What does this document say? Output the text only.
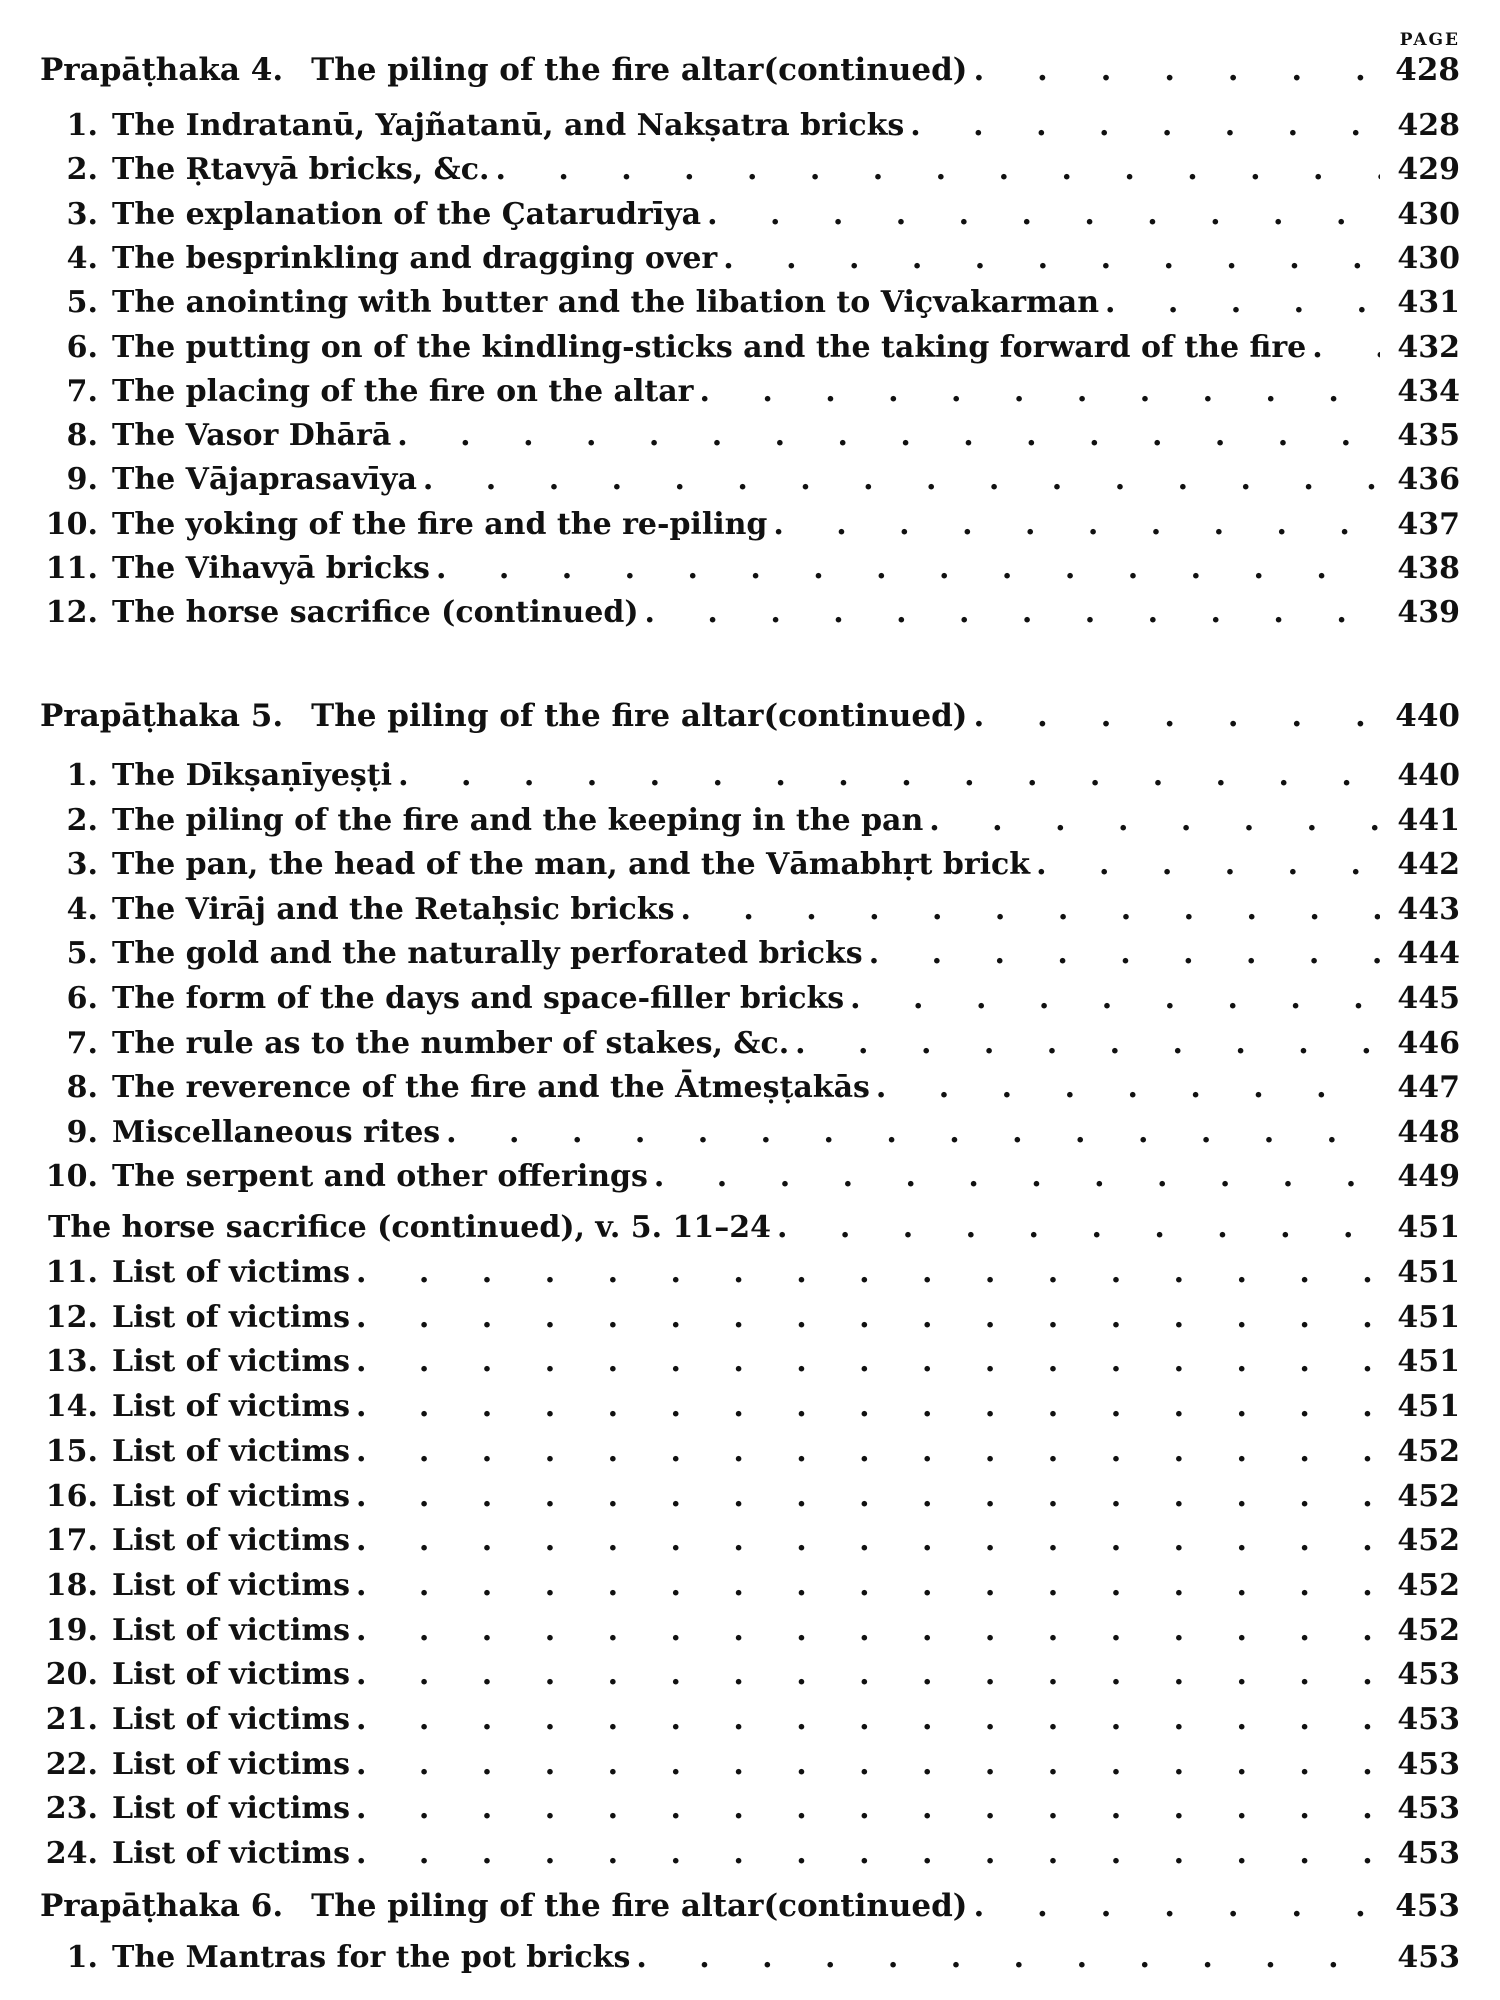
PAGE
Prapāṭhaka 4. The piling of the fire altar (continued) . . .	428
1. The Indratanū, Yajñatanū, and Nakṣatra bricks . . .	428
2. The Ṛtavyā bricks, &c. . . .	429
3. The explanation of the Çatarudrīya . . .	430
4. The besprinkling and dragging over . . .	430
5. The anointing with butter and the libation to Viçvakarman . . .	431
6. The putting on of the kindling-sticks and the taking forward of the fire . . .	432
7. The placing of the fire on the altar . . .	434
8. The Vasor Dhārā . . .	435
9. The Vājaprasavīya . . .	436
10. The yoking of the fire and the re-piling . . .	437
11. The Vihavyā bricks . . .	438
12. The horse sacrifice (continued) . . .	439
Prapāṭhaka 5. The piling of the fire altar (continued) . . .	440
1. The Dīkṣaṇīyeṣṭi . . .	440
2. The piling of the fire and the keeping in the pan . . .	441
3. The pan, the head of the man, and the Vāmabhṛt brick . . .	442
4. The Virāj and the Retaḥsic bricks . . .	443
5. The gold and the naturally perforated bricks . . .	444
6. The form of the days and space-filler bricks . . .	445
7. The rule as to the number of stakes, &c. . . .	446
8. The reverence of the fire and the Ātmeṣṭakās . . .	447
9. Miscellaneous rites . . .	448
10. The serpent and other offerings . . .	449
The horse sacrifice (continued), v. 5. 11–24 . . .	451
11. List of victims . . .	451
12. List of victims . . .	451
13. List of victims . . .	451
14. List of victims . . .	451
15. List of victims . . .	452
16. List of victims . . .	452
17. List of victims . . .	452
18. List of victims . . .	452
19. List of victims . . .	452
20. List of victims . . .	453
21. List of victims . . .	453
22. List of victims . . .	453
23. List of victims . . .	453
24. List of victims . . .	453
Prapāṭhaka 6. The piling of the fire altar (continued) . . .	453
1. The Mantras for the pot bricks . . .	453
